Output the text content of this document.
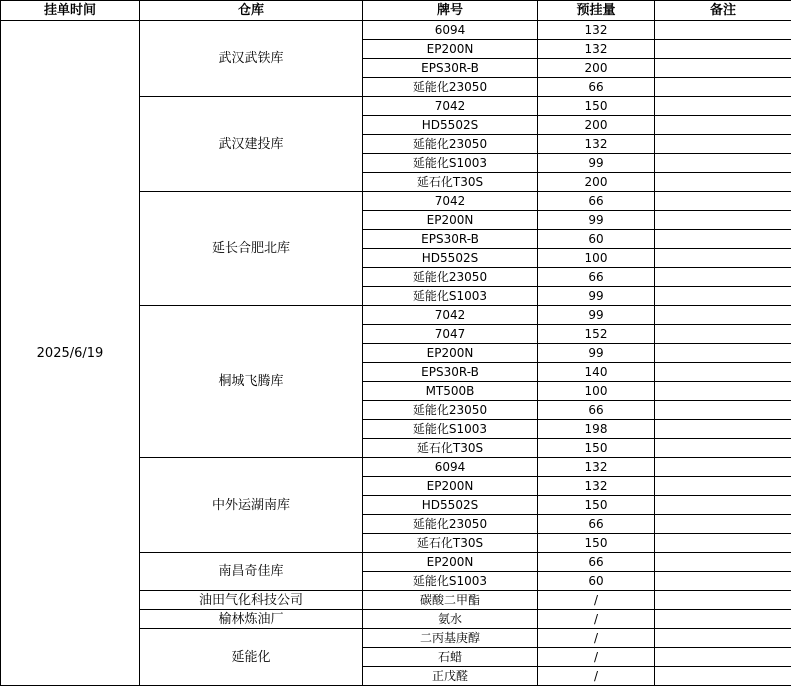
挂单时间	仓库	牌号	预挂量	备注
2025/6/19	武汉武铁库	6094	132	
		EP200N	132	
		EPS30R-B	200	
		延能化23050	66	
	武汉建投库	7042	150	
		HD5502S	200	
		延能化23050	132	
		延能化S1003	99	
		延石化T30S	200	
	延长合肥北库	7042	66	
		EP200N	99	
		EPS30R-B	60	
		HD5502S	100	
		延能化23050	66	
		延能化S1003	99	
	桐城飞腾库	7042	99	
		7047	152	
		EP200N	99	
		EPS30R-B	140	
		MT500B	100	
		延能化23050	66	
		延能化S1003	198	
		延石化T30S	150	
	中外运湖南库	6094	132	
		EP200N	132	
		HD5502S	150	
		延能化23050	66	
		延石化T30S	150	
	南昌奇佳库	EP200N	66	
		延能化S1003	60	
	油田气化科技公司	碳酸二甲酯	/	
	榆林炼油厂	氨水	/	
	延能化	二丙基庚醇	/	
		石蜡	/	
		正戊醛	/	
